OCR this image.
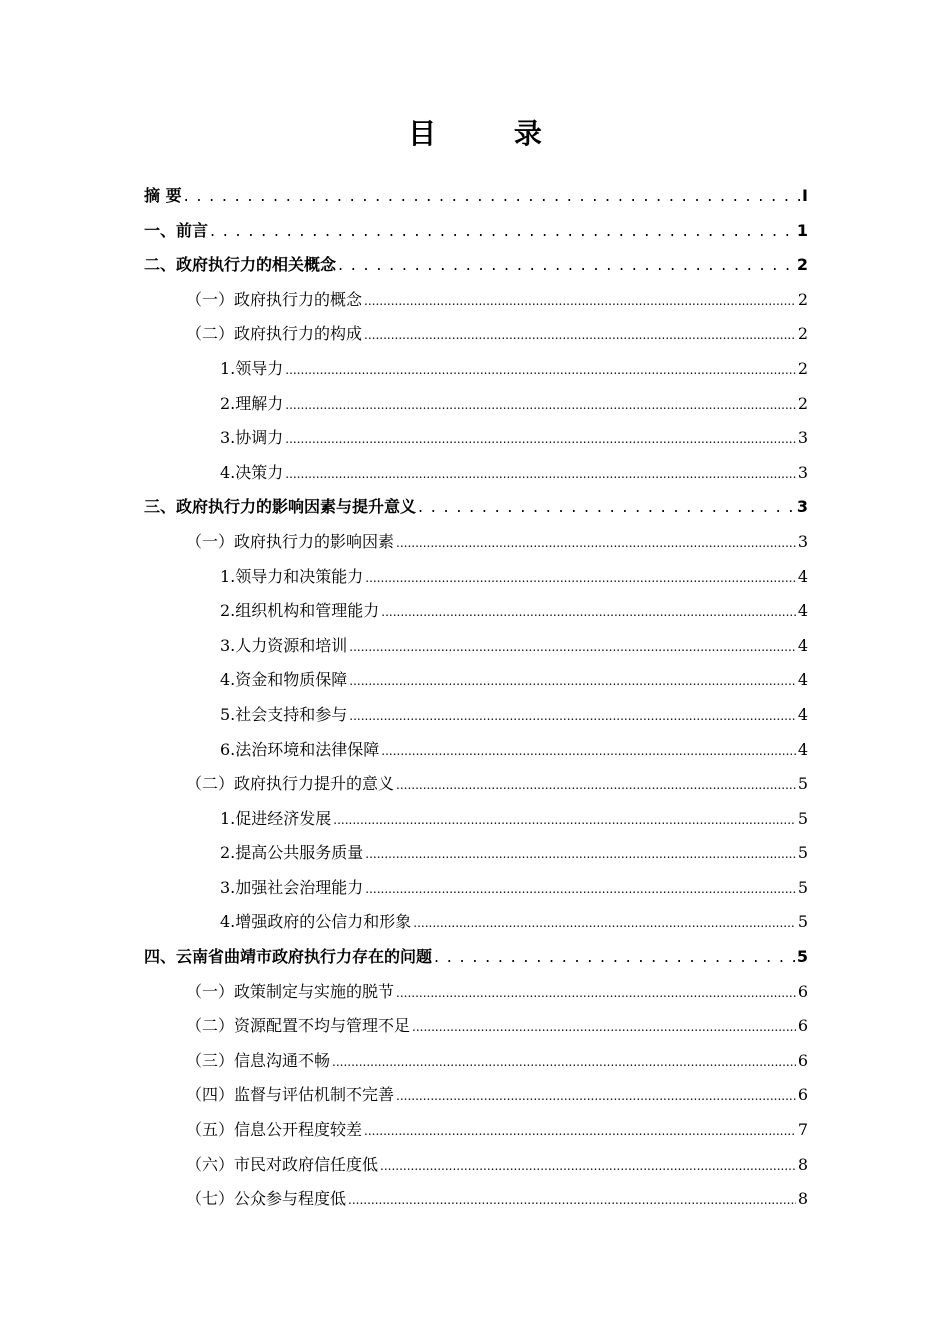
目 录
摘 要 . . .	I
一、前言 . . .	1
二、政府执行力的相关概念 . . .	2
（一）政府执行力的概念 .....	2
（二）政府执行力的构成 .....	2
1.领导力 .....	2
2.理解力 .....	2
3.协调力 .....	3
4.决策力 .....	3
三、政府执行力的影响因素与提升意义 . . .	3
（一）政府执行力的影响因素 .....	3
1.领导力和决策能力 .....	4
2.组织机构和管理能力 .....	4
3.人力资源和培训 .....	4
4.资金和物质保障 .....	4
5.社会支持和参与 .....	4
6.法治环境和法律保障 .....	4
（二）政府执行力提升的意义 .....	5
1.促进经济发展 .....	5
2.提高公共服务质量 .....	5
3.加强社会治理能力 .....	5
4.增强政府的公信力和形象 .....	5
四、云南省曲靖市政府执行力存在的问题 . . .	5
（一）政策制定与实施的脱节 .....	6
（二）资源配置不均与管理不足 .....	6
（三）信息沟通不畅 .....	6
（四）监督与评估机制不完善 .....	6
（五）信息公开程度较差 .....	7
（六）市民对政府信任度低 .....	8
（七）公众参与程度低 .....	8
